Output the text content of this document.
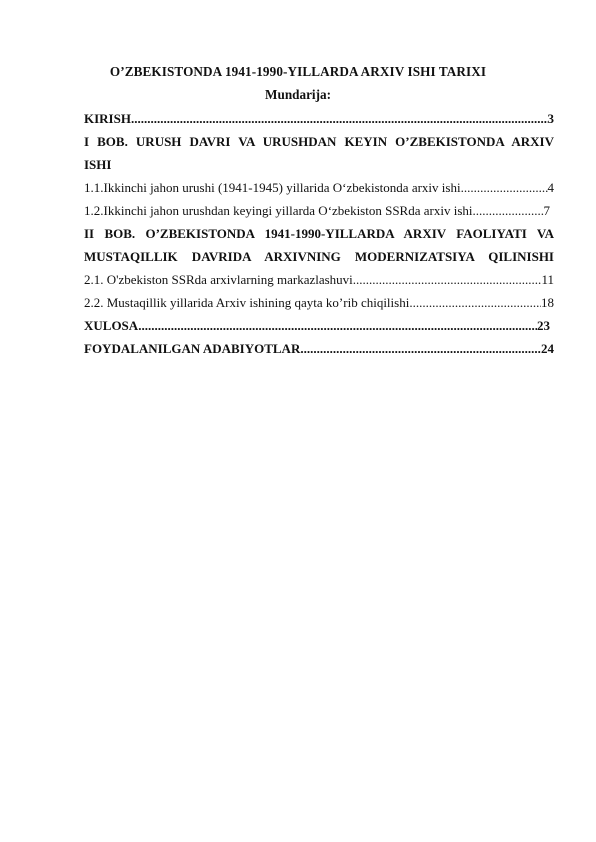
O’ZBEKISTONDA 1941-1990-YILLARDA ARXIV ISHI TARIXI
Mundarija:
KIRISH .....	3
I BOB. URUSH DAVRI VA URUSHDAN KEYIN O’ZBEKISTONDA ARXIV
ISHI
1.1. Ikkinchi jahon urushi (1941-1945) yillarida O‘zbekistonda arxiv ishi .....	4
1.2. Ikkinchi jahon urushdan keyingi yillarda O‘zbekiston SSRda arxiv ishi .....	7
II BOB. O’ZBEKISTONDA 1941-1990-YILLARDA ARXIV FAOLIYATI VA
MUSTAQILLIK DAVRIDA ARXIVNING MODERNIZATSIYA QILINISHI
2.1. O'zbekiston SSRda arxivlarning markazlashuvi .....	11
2.2. Mustaqillik yillarida Arxiv ishining qayta ko’rib chiqilishi .....	18
XULOSA .....	23
FOYDALANILGAN ADABIYOTLAR .....	24
